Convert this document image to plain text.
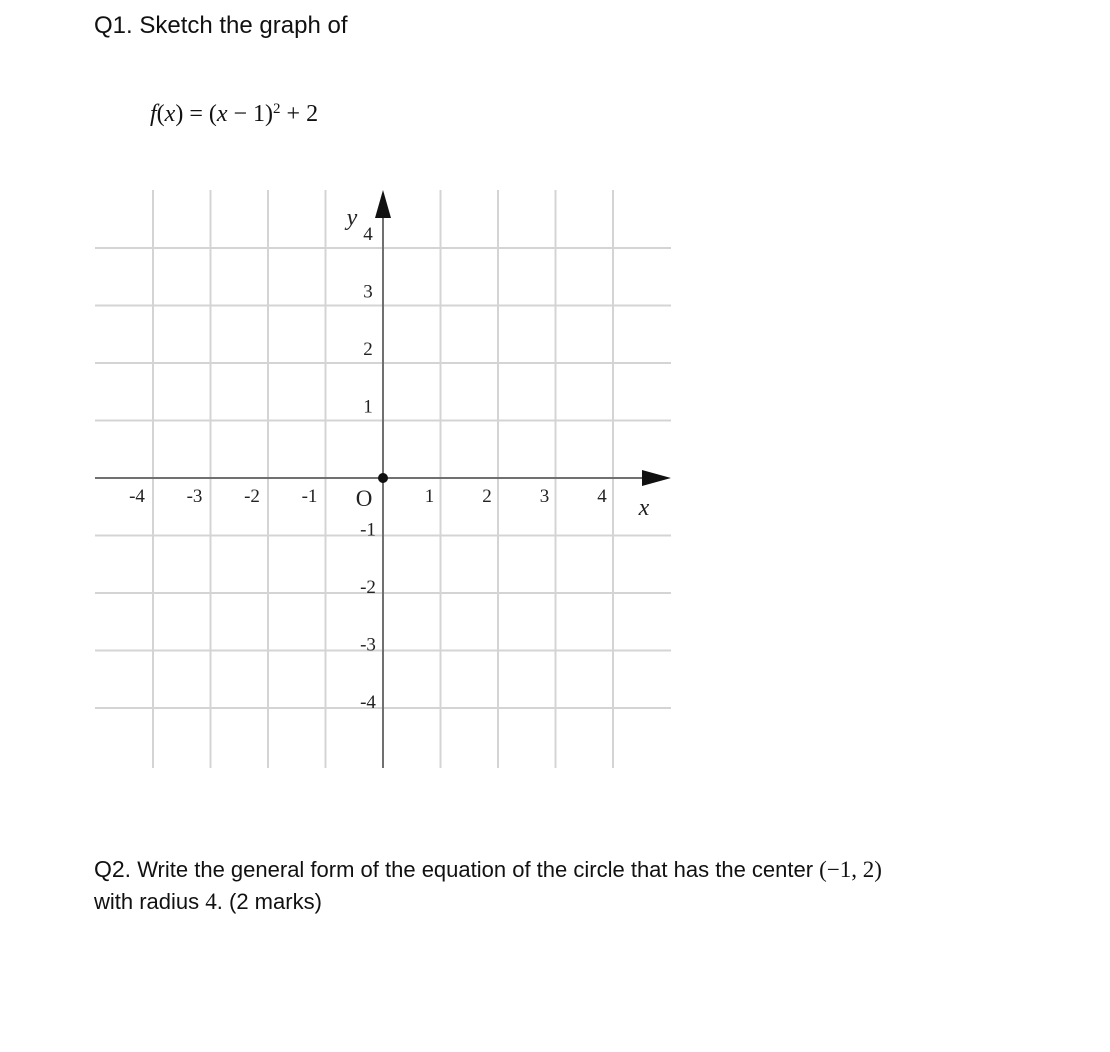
Q1. Sketch the graph of
$f(x) = (x - 1)^2 + 2$
-4 -3 -2 -1	1	2	3	4
4
3
2
1
-1
-2
-3
-4
O	x
y
Q2. Write the general form of the equation of the circle that has the center (−1, 2)
with radius 4. (2 marks)
